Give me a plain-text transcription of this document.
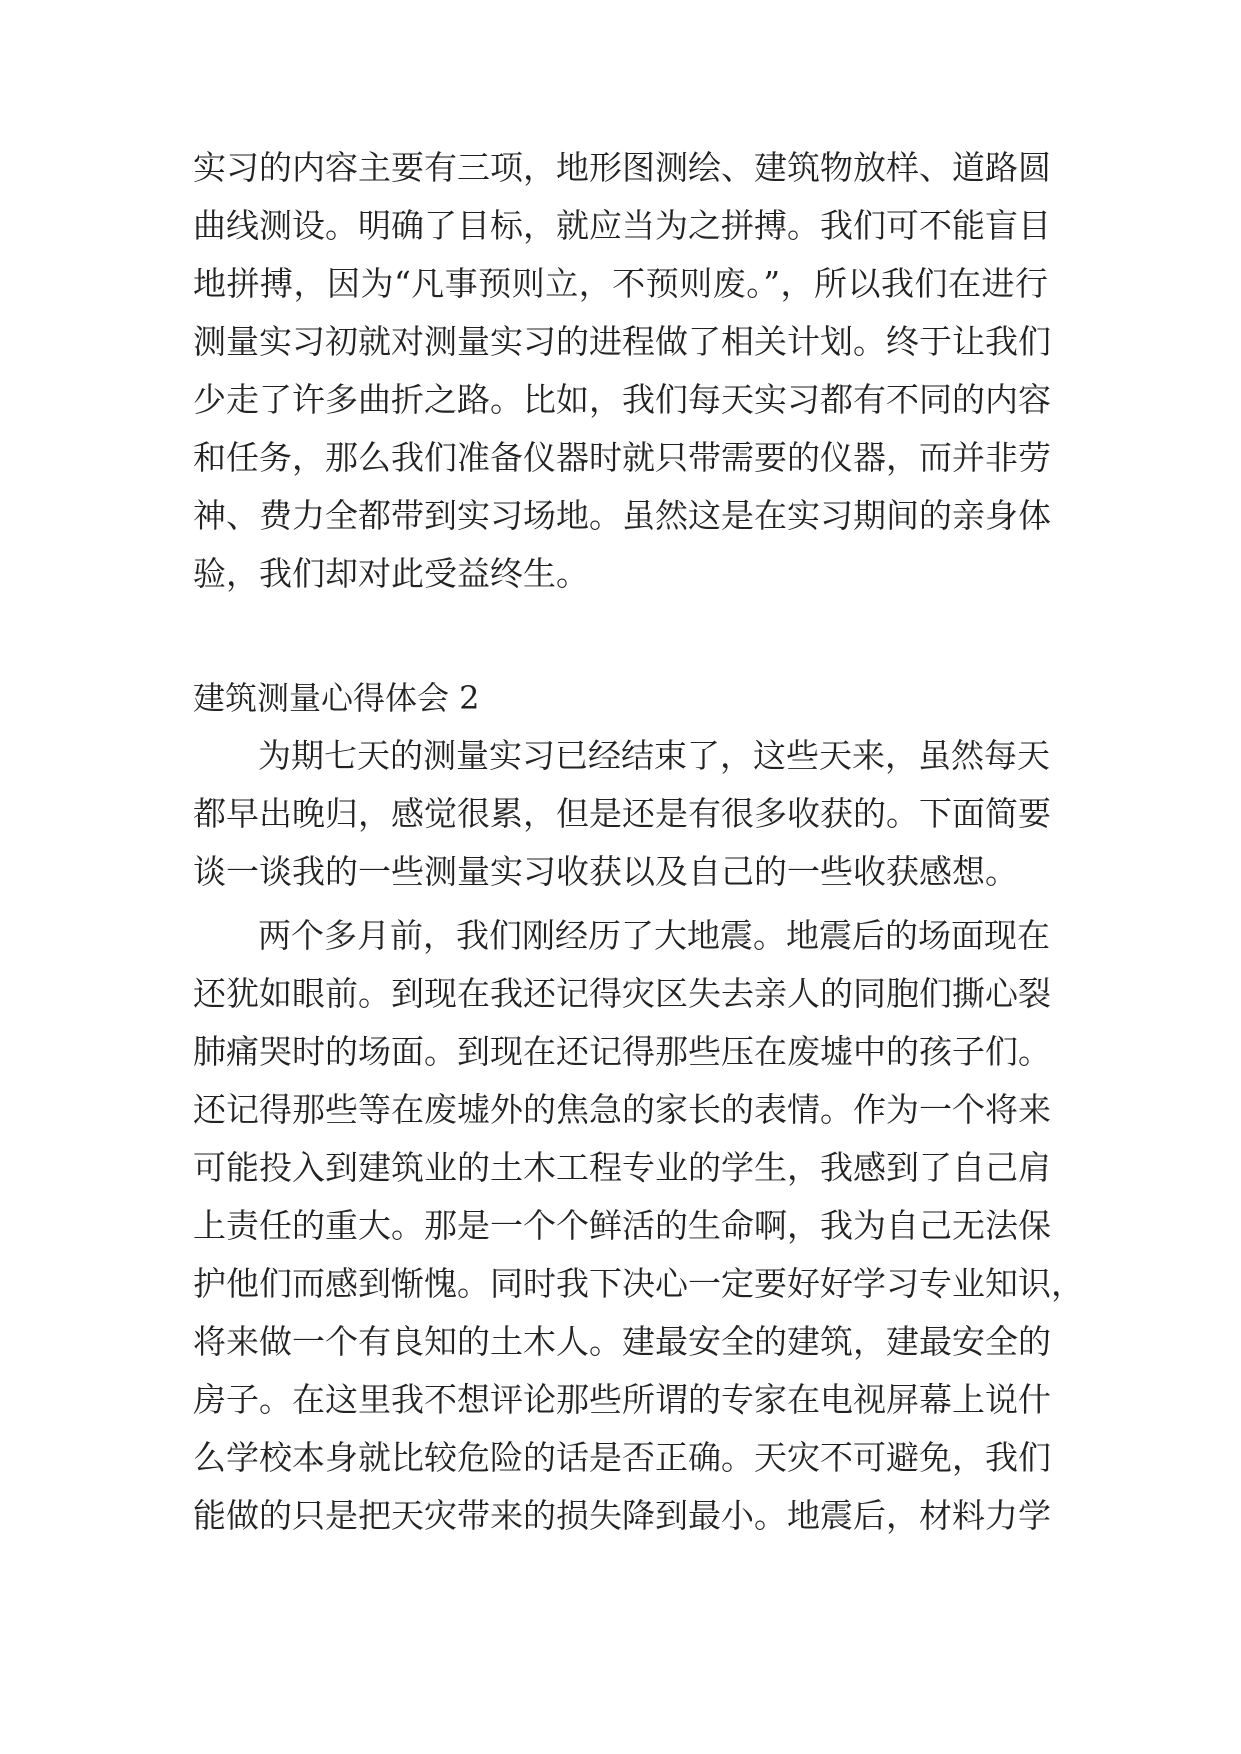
实习的内容主要有三项，地形图测绘、建筑物放样、道路圆
曲线测设。明确了目标，就应当为之拼搏。我们可不能盲目
地拼搏，因为“凡事预则立，不预则废。”，所以我们在进行
测量实习初就对测量实习的进程做了相关计划。终于让我们
少走了许多曲折之路。比如，我们每天实习都有不同的内容
和任务，那么我们准备仪器时就只带需要的仪器，而并非劳
神、费力全都带到实习场地。虽然这是在实习期间的亲身体
验，我们却对此受益终生。
建筑测量心得体会 2
为期七天的测量实习已经结束了，这些天来，虽然每天
都早出晚归，感觉很累，但是还是有很多收获的。下面简要
谈一谈我的一些测量实习收获以及自己的一些收获感想。
两个多月前，我们刚经历了大地震。地震后的场面现在
还犹如眼前。到现在我还记得灾区失去亲人的同胞们撕心裂
肺痛哭时的场面。到现在还记得那些压在废墟中的孩子们。
还记得那些等在废墟外的焦急的家长的表情。作为一个将来
可能投入到建筑业的土木工程专业的学生，我感到了自己肩
上责任的重大。那是一个个鲜活的生命啊，我为自己无法保
护他们而感到惭愧。同时我下决心一定要好好学习专业知识，
将来做一个有良知的土木人。建最安全的建筑，建最安全的
房子。在这里我不想评论那些所谓的专家在电视屏幕上说什
么学校本身就比较危险的话是否正确。天灾不可避免，我们
能做的只是把天灾带来的损失降到最小。地震后，材料力学
